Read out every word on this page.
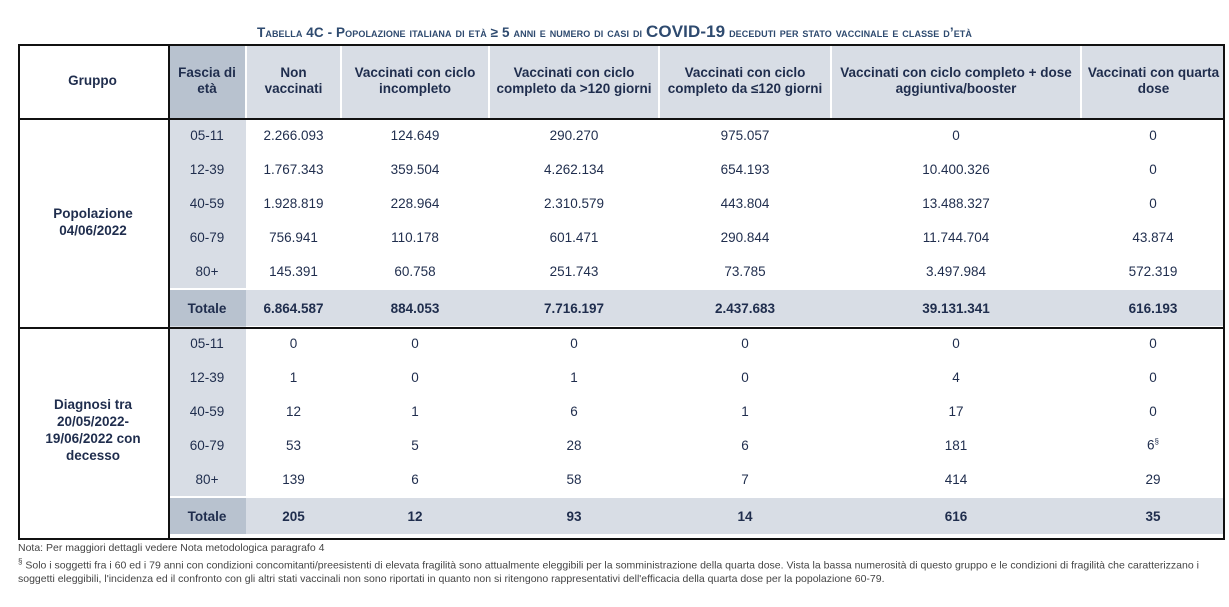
Tabella 4C - Popolazione italiana di età ≥ 5 anni e numero di casi di COVID-19 deceduti per stato vaccinale e classe d’età
Gruppo	Fascia di età	Non vaccinati	Vaccinati con ciclo incompleto	Vaccinati con ciclo completo da >120 giorni	Vaccinati con ciclo completo da ≤120 giorni	Vaccinati con ciclo completo + dose aggiuntiva/booster	Vaccinati con quarta dose
Popolazione 04/06/2022	05-11	2.266.093	124.649	290.270	975.057	0	0
	12-39	1.767.343	359.504	4.262.134	654.193	10.400.326	0
	40-59	1.928.819	228.964	2.310.579	443.804	13.488.327	0
	60-79	756.941	110.178	601.471	290.844	11.744.704	43.874
	80+	145.391	60.758	251.743	73.785	3.497.984	572.319
	Totale	6.864.587	884.053	7.716.197	2.437.683	39.131.341	616.193
Diagnosi tra 20/05/2022-19/06/2022 con decesso	05-11	0	0	0	0	0	0
	12-39	1	0	1	0	4	0
	40-59	12	1	6	1	17	0
	60-79	53	5	28	6	181	6§
	80+	139	6	58	7	414	29
	Totale	205	12	93	14	616	35

Nota: Per maggiori dettagli vedere Nota metodologica paragrafo 4

§ Solo i soggetti fra i 60 ed i 79 anni con condizioni concomitanti/preesistenti di elevata fragilità sono attualmente eleggibili per la somministrazione della quarta dose. Vista la bassa numerosità di questo gruppo e le condizioni di fragilità che caratterizzano i soggetti eleggibili, l'incidenza ed il confronto con gli altri stati vaccinali non sono riportati in quanto non si ritengono rappresentativi dell'efficacia della quarta dose per la popolazione 60-79.
